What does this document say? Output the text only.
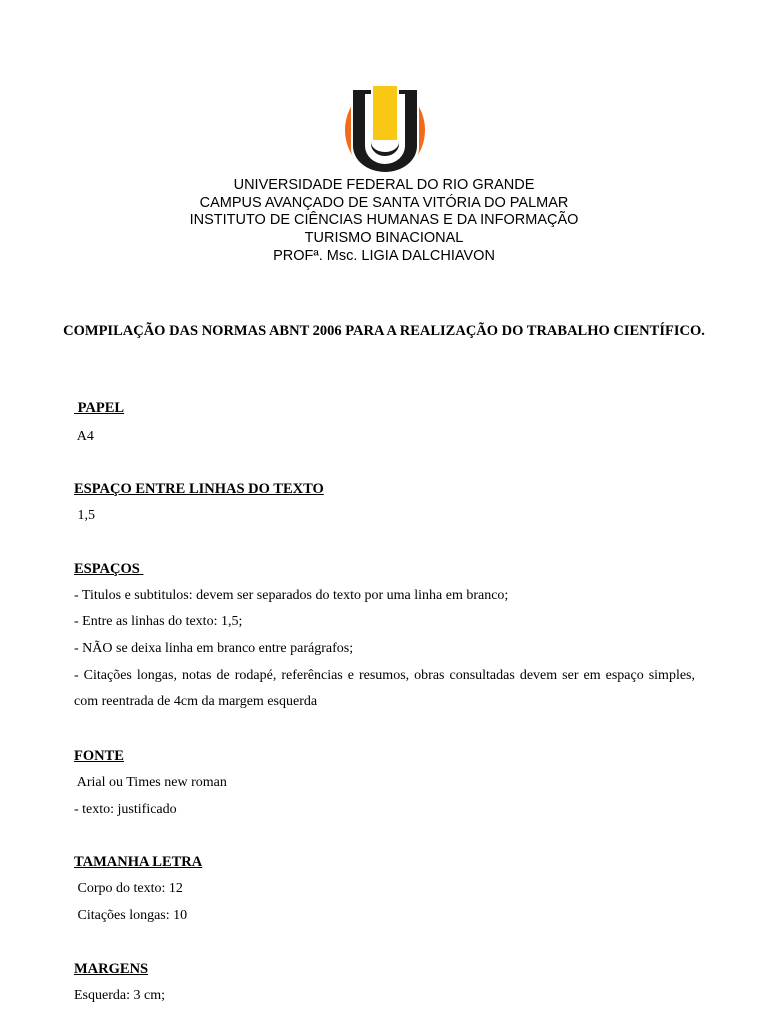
UNIVERSIDADE FEDERAL DO RIO GRANDE
CAMPUS AVANÇADO DE SANTA VITÓRIA DO PALMAR
INSTITUTO DE CIÊNCIAS HUMANAS E DA INFORMAÇÃO
TURISMO BINACIONAL
PROFª. Msc. LIGIA DALCHIAVON
COMPILAÇÃO DAS NORMAS ABNT 2006 PARA A REALIZAÇÃO DO TRABALHO CIENTÍFICO.
PAPEL
A4
ESPAÇO ENTRE LINHAS DO TEXTO
1,5
ESPAÇOS
- Titulos e subtitulos: devem ser separados do texto por uma linha em branco;
- Entre as linhas do texto: 1,5;
- NÃO se deixa linha em branco entre parágrafos;
- Citações longas, notas de rodapé, referências e resumos, obras consultadas devem ser em espaço simples, com reentrada de 4cm da margem esquerda
FONTE
Arial ou Times new roman
- texto: justificado
TAMANHA LETRA
Corpo do texto: 12
Citações longas: 10
MARGENS
Esquerda: 3 cm;
